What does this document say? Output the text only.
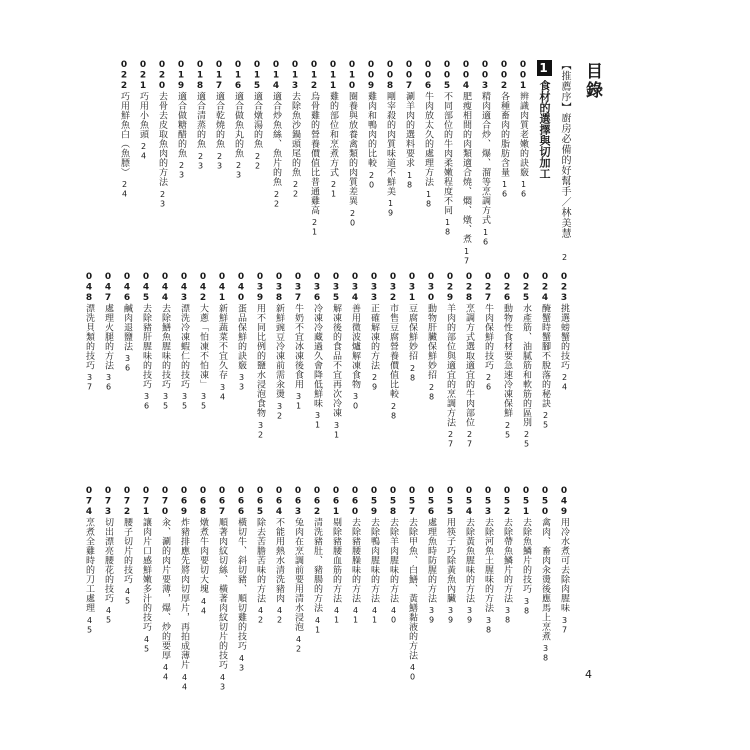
目錄
【推薦序】廚房必備的好幫手／林美慧 2
1
食材的選擇與切加工
001辨識肉質老嫩的訣竅16
002各種畜肉的脂肪含量16
003精肉適合炒、爆、溜等烹調方式16
004肥瘦相間的肉類適合燒、燜、燉、煮17
005不同部位的牛肉柔嫩程度不同18
006牛肉放太久的處理方法18
007涮羊肉的選料要求18
008剛宰殺的肉質味道不鮮美19
009雞肉和鴨肉的比較20
010圈養與放養禽類的肉質差異20
011雞的部位和烹煮方式21
012烏骨雞的營養價值比普通雞高21
013去除魚沙鍋頭尾的魚22
014適合炒魚絲、魚片的魚22
015適合燉湯的魚22
016適合做魚丸的魚23
017適合乾燒的魚23
018適合清蒸的魚23
019適合做糖醋的魚23
020去骨去皮取魚肉的方法23
021巧用小魚頭24
022巧用鮮魚白（魚膘）24
023挑選螃蟹的技巧24
024醃蟹時蟹腳不脫落的秘訣25
025水產筋、油膩筋和軟筋的區別25
026動物性食材要急速冷凍保鮮25
027牛肉保鮮的技巧26
028烹調方式選取適宜的牛肉部位27
029羊肉的部位與適宜的烹調方法27
030動物肝臟保鮮妙招28
031豆腐保鮮妙招28
032市售豆腐營養價值比較28
033正確解凍的方法29
034善用微波爐解凍食物30
035解凍後的食品不宜再次冷凍31
036冷凍冷藏過久會降低鮮味31
037牛奶不宜冰凍後食用31
038新鮮豌豆冷凍前需汆燙32
039用不同比例的鹽水浸泡食物32
040蛋品保鮮的訣竅33
041新鮮蔬菜不宜久存34
042大蔥「怕凍不怕凍」35
043漂洗冷凍蝦仁的技巧35
044去除鱔魚腥味的技巧35
045去除豬肝腥味的技巧36
046鹹肉退鹽法36
047處理火腿的方法36
048漂洗貝類的技巧37
049用冷水煮可去除肉腥味37
050禽肉、畜肉汆燙後應馬上烹煮38
051去除魚鱗片的技巧38
052去除帶魚鱗片的方法38
053去除河魚土腥味的方法38
054去除黃魚腥味的方法39
055用筷子巧除黃魚內臟39
056處理魚時防腥的方法39
057去除甲魚、白鱔、黃鱔黏液的方法40
058去除羊肉腥味的方法40
059去除鴨肉腥味的方法41
060去除豬腰臊味的方法41
061剔除豬腰血筋的方法41
062清洗豬肚、豬腸的方法41
063兔肉在烹調前要用清水浸泡42
064不能用熱水清洗豬肉42
065除去苦膽苦味的方法42
066橫切牛、斜切豬、順切雞的技巧43
067順著肉紋切絲、橫著肉紋切片的技巧43
068燉煮牛肉要切大塊44
069炸豬排應先將肉切厚片，再拍成薄片44
070汆、涮的肉片要薄，爆、炒的要厚44
071讓肉片口感鮮嫩多汁的技巧45
072腰子切片的技巧45
073切出漂亮腰花的技巧45
074烹煮全雞時的刀工處理45
4
